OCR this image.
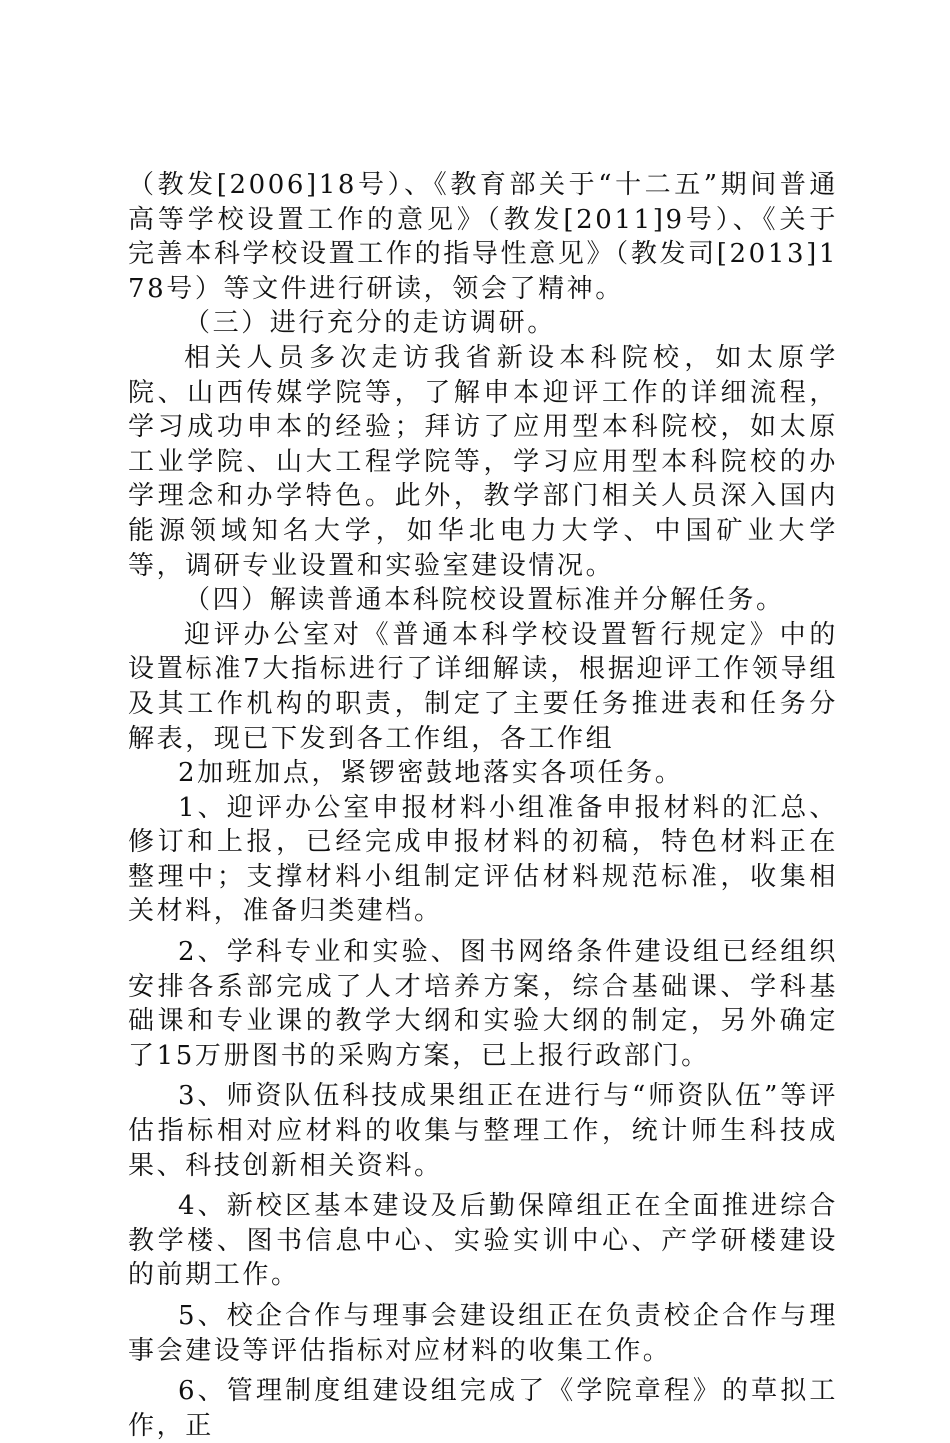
（教发[2006]18号）、《教育部关于“十二五”期间普通高等学校设置工作的意见》（教发[2011]9号）、《关于完善本科学校设置工作的指导性意见》（教发司[2013]178号）等文件进行研读，领会了精神。

（三）进行充分的走访调研。

相关人员多次走访我省新设本科院校，如太原学院、山西传媒学院等，了解申本迎评工作的详细流程，学习成功申本的经验；拜访了应用型本科院校，如太原工业学院、山大工程学院等，学习应用型本科院校的办学理念和办学特色。此外，教学部门相关人员深入国内能源领域知名大学，如华北电力大学、中国矿业大学等，调研专业设置和实验室建设情况。

（四）解读普通本科院校设置标准并分解任务。

迎评办公室对《普通本科学校设置暂行规定》中的设置标准7大指标进行了详细解读，根据迎评工作领导组及其工作机构的职责，制定了主要任务推进表和任务分解表，现已下发到各工作组，各工作组

2加班加点，紧锣密鼓地落实各项任务。

1、迎评办公室申报材料小组准备申报材料的汇总、修订和上报，已经完成申报材料的初稿，特色材料正在整理中；支撑材料小组制定评估材料规范标准，收集相关材料，准备归类建档。

2、学科专业和实验、图书网络条件建设组已经组织安排各系部完成了人才培养方案，综合基础课、学科基础课和专业课的教学大纲和实验大纲的制定，另外确定了15万册图书的采购方案，已上报行政部门。

3、师资队伍科技成果组正在进行与“师资队伍”等评估指标相对应材料的收集与整理工作，统计师生科技成果、科技创新相关资料。

4、新校区基本建设及后勤保障组正在全面推进综合教学楼、图书信息中心、实验实训中心、产学研楼建设的前期工作。

5、校企合作与理事会建设组正在负责校企合作与理事会建设等评估指标对应材料的收集工作。

6、管理制度组建设组完成了《学院章程》的草拟工作，正
